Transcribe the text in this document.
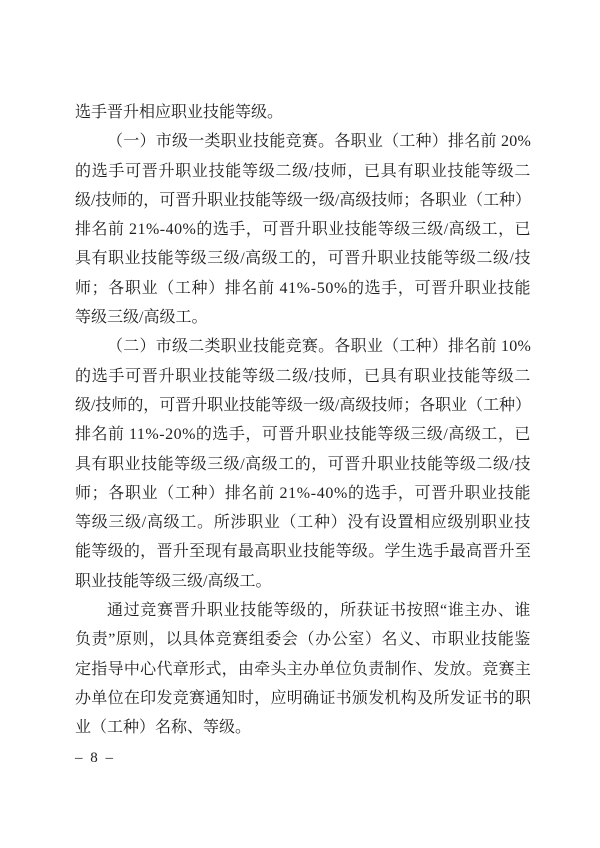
选手晋升相应职业技能等级。
（一）市级一类职业技能竞赛。各职业（工种）排名前 20%
的选手可晋升职业技能等级二级/技师，已具有职业技能等级二
级/技师的，可晋升职业技能等级一级/高级技师；各职业（工种）
排名前 21%-40%的选手，可晋升职业技能等级三级/高级工，已
具有职业技能等级三级/高级工的，可晋升职业技能等级二级/技
师；各职业（工种）排名前 41%-50%的选手，可晋升职业技能
等级三级/高级工。
（二）市级二类职业技能竞赛。各职业（工种）排名前 10%
的选手可晋升职业技能等级二级/技师，已具有职业技能等级二
级/技师的，可晋升职业技能等级一级/高级技师；各职业（工种）
排名前 11%-20%的选手，可晋升职业技能等级三级/高级工，已
具有职业技能等级三级/高级工的，可晋升职业技能等级二级/技
师；各职业（工种）排名前 21%-40%的选手，可晋升职业技能
等级三级/高级工。所涉职业（工种）没有设置相应级别职业技
能等级的，晋升至现有最高职业技能等级。学生选手最高晋升至
职业技能等级三级/高级工。
通过竞赛晋升职业技能等级的，所获证书按照“谁主办、谁
负责”原则，以具体竞赛组委会（办公室）名义、市职业技能鉴
定指导中心代章形式，由牵头主办单位负责制作、发放。竞赛主
办单位在印发竞赛通知时，应明确证书颁发机构及所发证书的职
业（工种）名称、等级。
– 8 –
